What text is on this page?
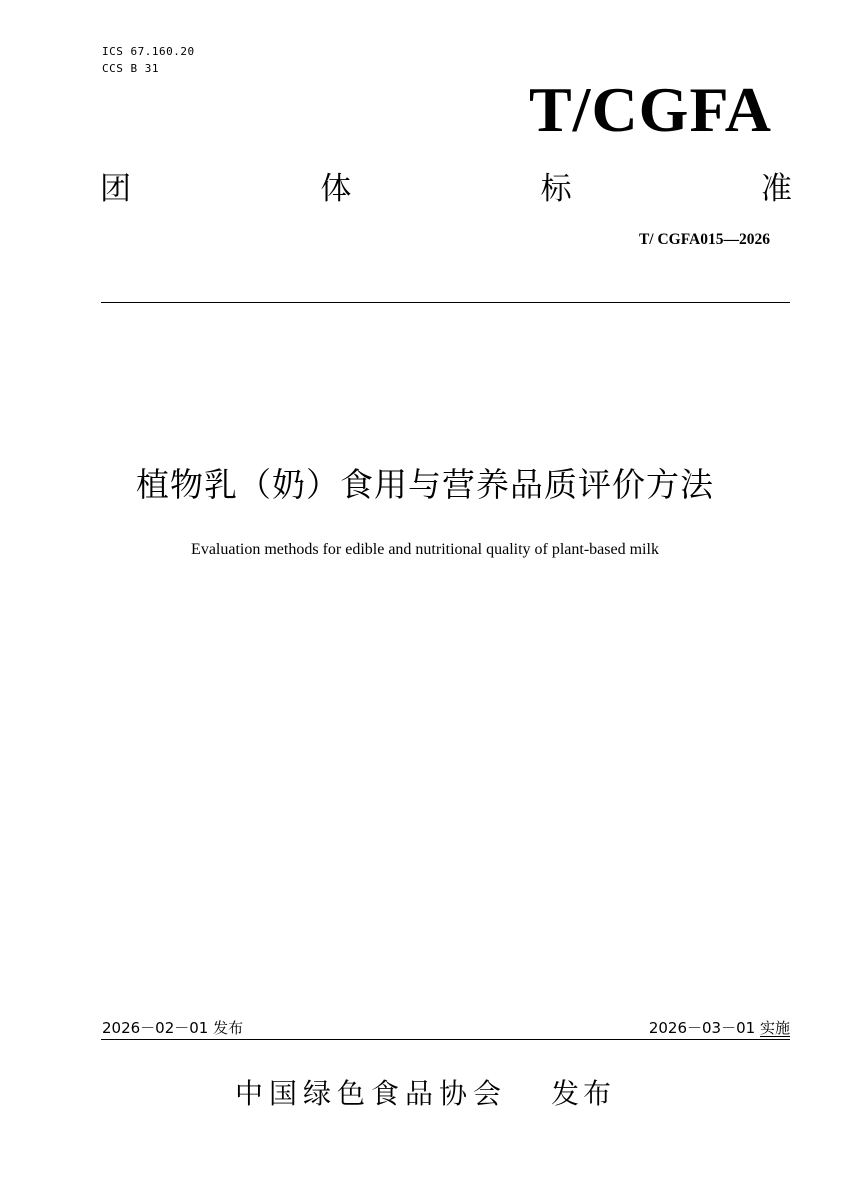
ICS 67.160.20
CCS B 31
T/CGFA
团	体	标	准
T/ CGFA015—2026
植物乳（奶）食用与营养品质评价方法
Evaluation methods for edible and nutritional quality of plant-based milk
2026－02－01 发布	2026－03－01 实施
中国绿色食品协会 发布
